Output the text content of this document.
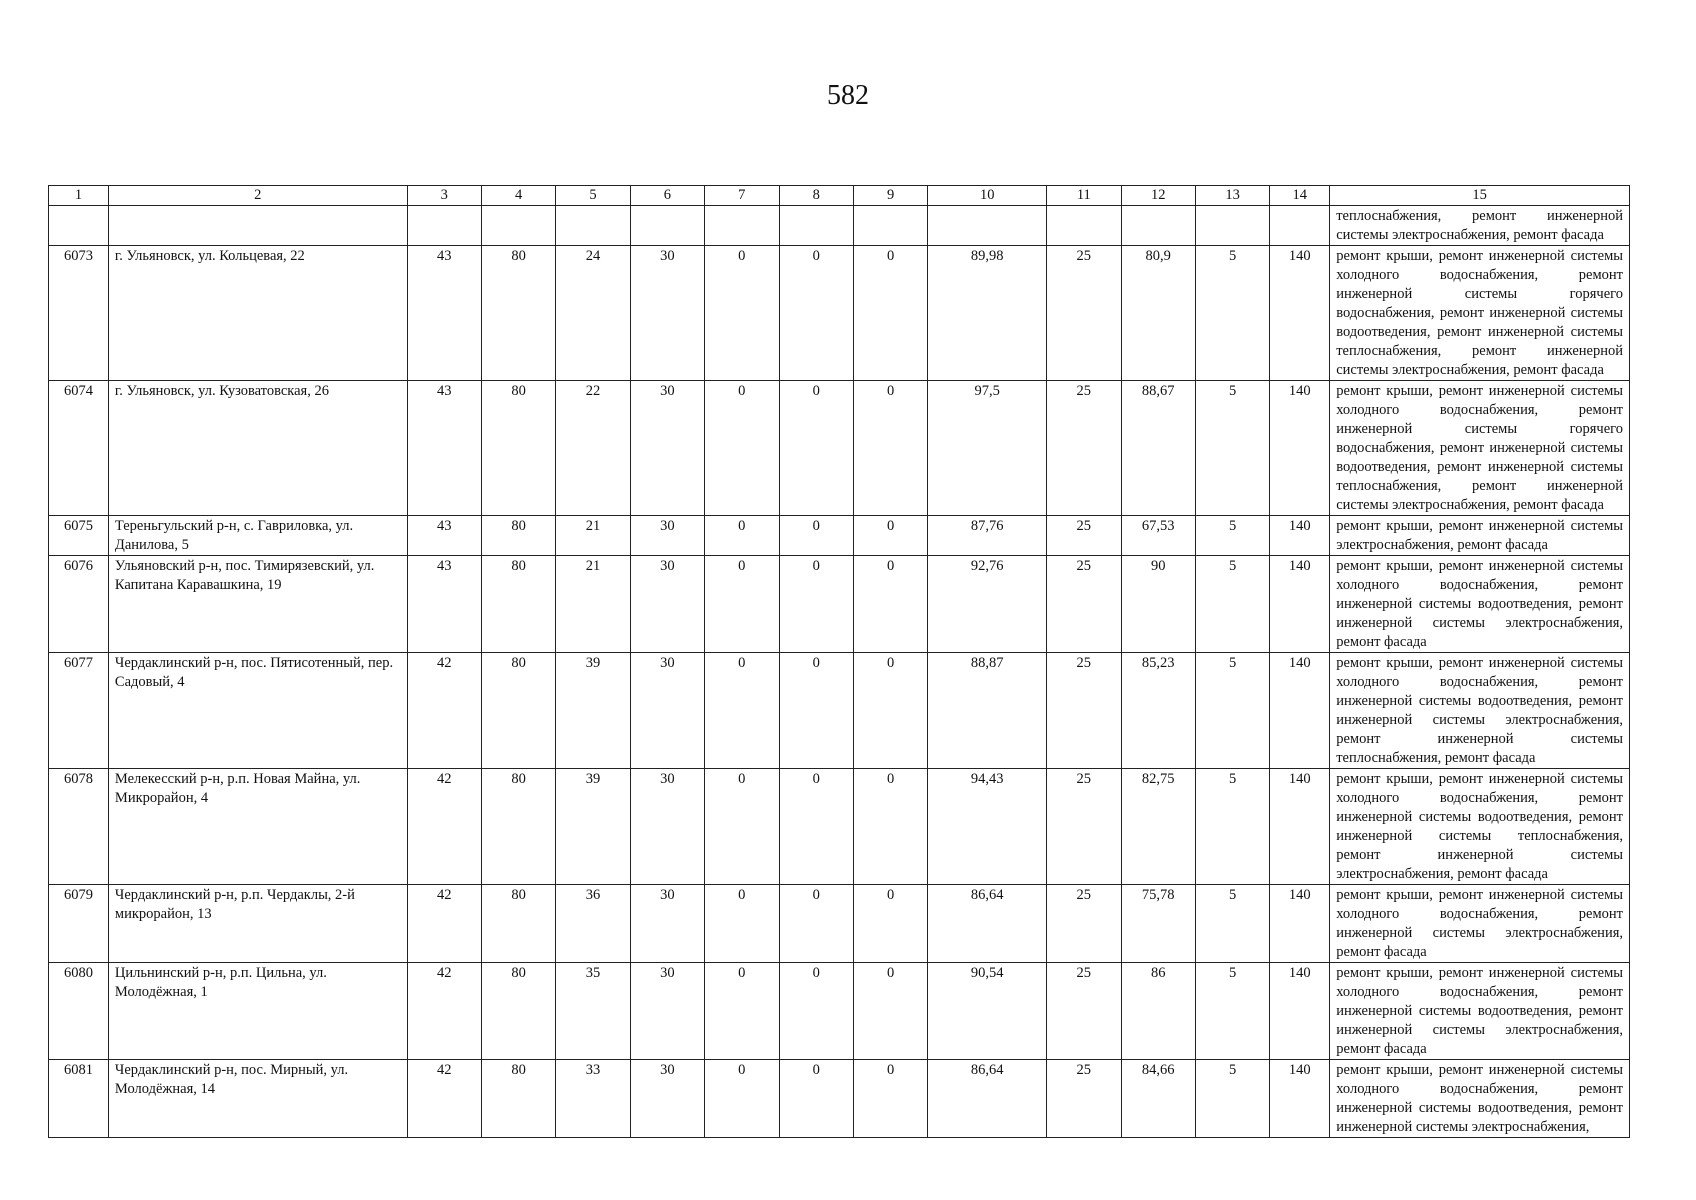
582
1	2	3	4	5	6	7	8	9	10	11	12	13	14	15
														теплоснабжения, ремонт инженерной системы электроснабжения, ремонт фасада
6073	г. Ульяновск, ул. Кольцевая, 22	43	80	24	30	0	0	0	89,98	25	80,9	5	140	ремонт крыши, ремонт инженерной системы холодного водоснабжения, ремонт инженерной системы горячего водоснабжения, ремонт инженерной системы водоотведения, ремонт инженерной системы теплоснабжения, ремонт инженерной системы электроснабжения, ремонт фасада
6074	г. Ульяновск, ул. Кузоватовская, 26	43	80	22	30	0	0	0	97,5	25	88,67	5	140	ремонт крыши, ремонт инженерной системы холодного водоснабжения, ремонт инженерной системы горячего водоснабжения, ремонт инженерной системы водоотведения, ремонт инженерной системы теплоснабжения, ремонт инженерной системы электроснабжения, ремонт фасада
6075	Тереньгульский р-н, с. Гавриловка, ул. Данилова, 5	43	80	21	30	0	0	0	87,76	25	67,53	5	140	ремонт крыши, ремонт инженерной системы электроснабжения, ремонт фасада
6076	Ульяновский р-н, пос. Тимирязевский, ул. Капитана Каравашкина, 19	43	80	21	30	0	0	0	92,76	25	90	5	140	ремонт крыши, ремонт инженерной системы холодного водоснабжения, ремонт инженерной системы водоотведения, ремонт инженерной системы электроснабжения, ремонт фасада
6077	Чердаклинский р-н, пос. Пятисотенный, пер. Садовый, 4	42	80	39	30	0	0	0	88,87	25	85,23	5	140	ремонт крыши, ремонт инженерной системы холодного водоснабжения, ремонт инженерной системы водоотведения, ремонт инженерной системы электроснабжения, ремонт инженерной системы теплоснабжения, ремонт фасада
6078	Мелекесский р-н, р.п. Новая Майна, ул. Микрорайон, 4	42	80	39	30	0	0	0	94,43	25	82,75	5	140	ремонт крыши, ремонт инженерной системы холодного водоснабжения, ремонт инженерной системы водоотведения, ремонт инженерной системы теплоснабжения, ремонт инженерной системы электроснабжения, ремонт фасада
6079	Чердаклинский р-н, р.п. Чердаклы, 2-й микрорайон, 13	42	80	36	30	0	0	0	86,64	25	75,78	5	140	ремонт крыши, ремонт инженерной системы холодного водоснабжения, ремонт инженерной системы электроснабжения, ремонт фасада
6080	Цильнинский р-н, р.п. Цильна, ул. Молодёжная, 1	42	80	35	30	0	0	0	90,54	25	86	5	140	ремонт крыши, ремонт инженерной системы холодного водоснабжения, ремонт инженерной системы водоотведения, ремонт инженерной системы электроснабжения, ремонт фасада
6081	Чердаклинский р-н, пос. Мирный, ул. Молодёжная, 14	42	80	33	30	0	0	0	86,64	25	84,66	5	140	ремонт крыши, ремонт инженерной системы холодного водоснабжения, ремонт инженерной системы водоотведения, ремонт инженерной системы электроснабжения,
